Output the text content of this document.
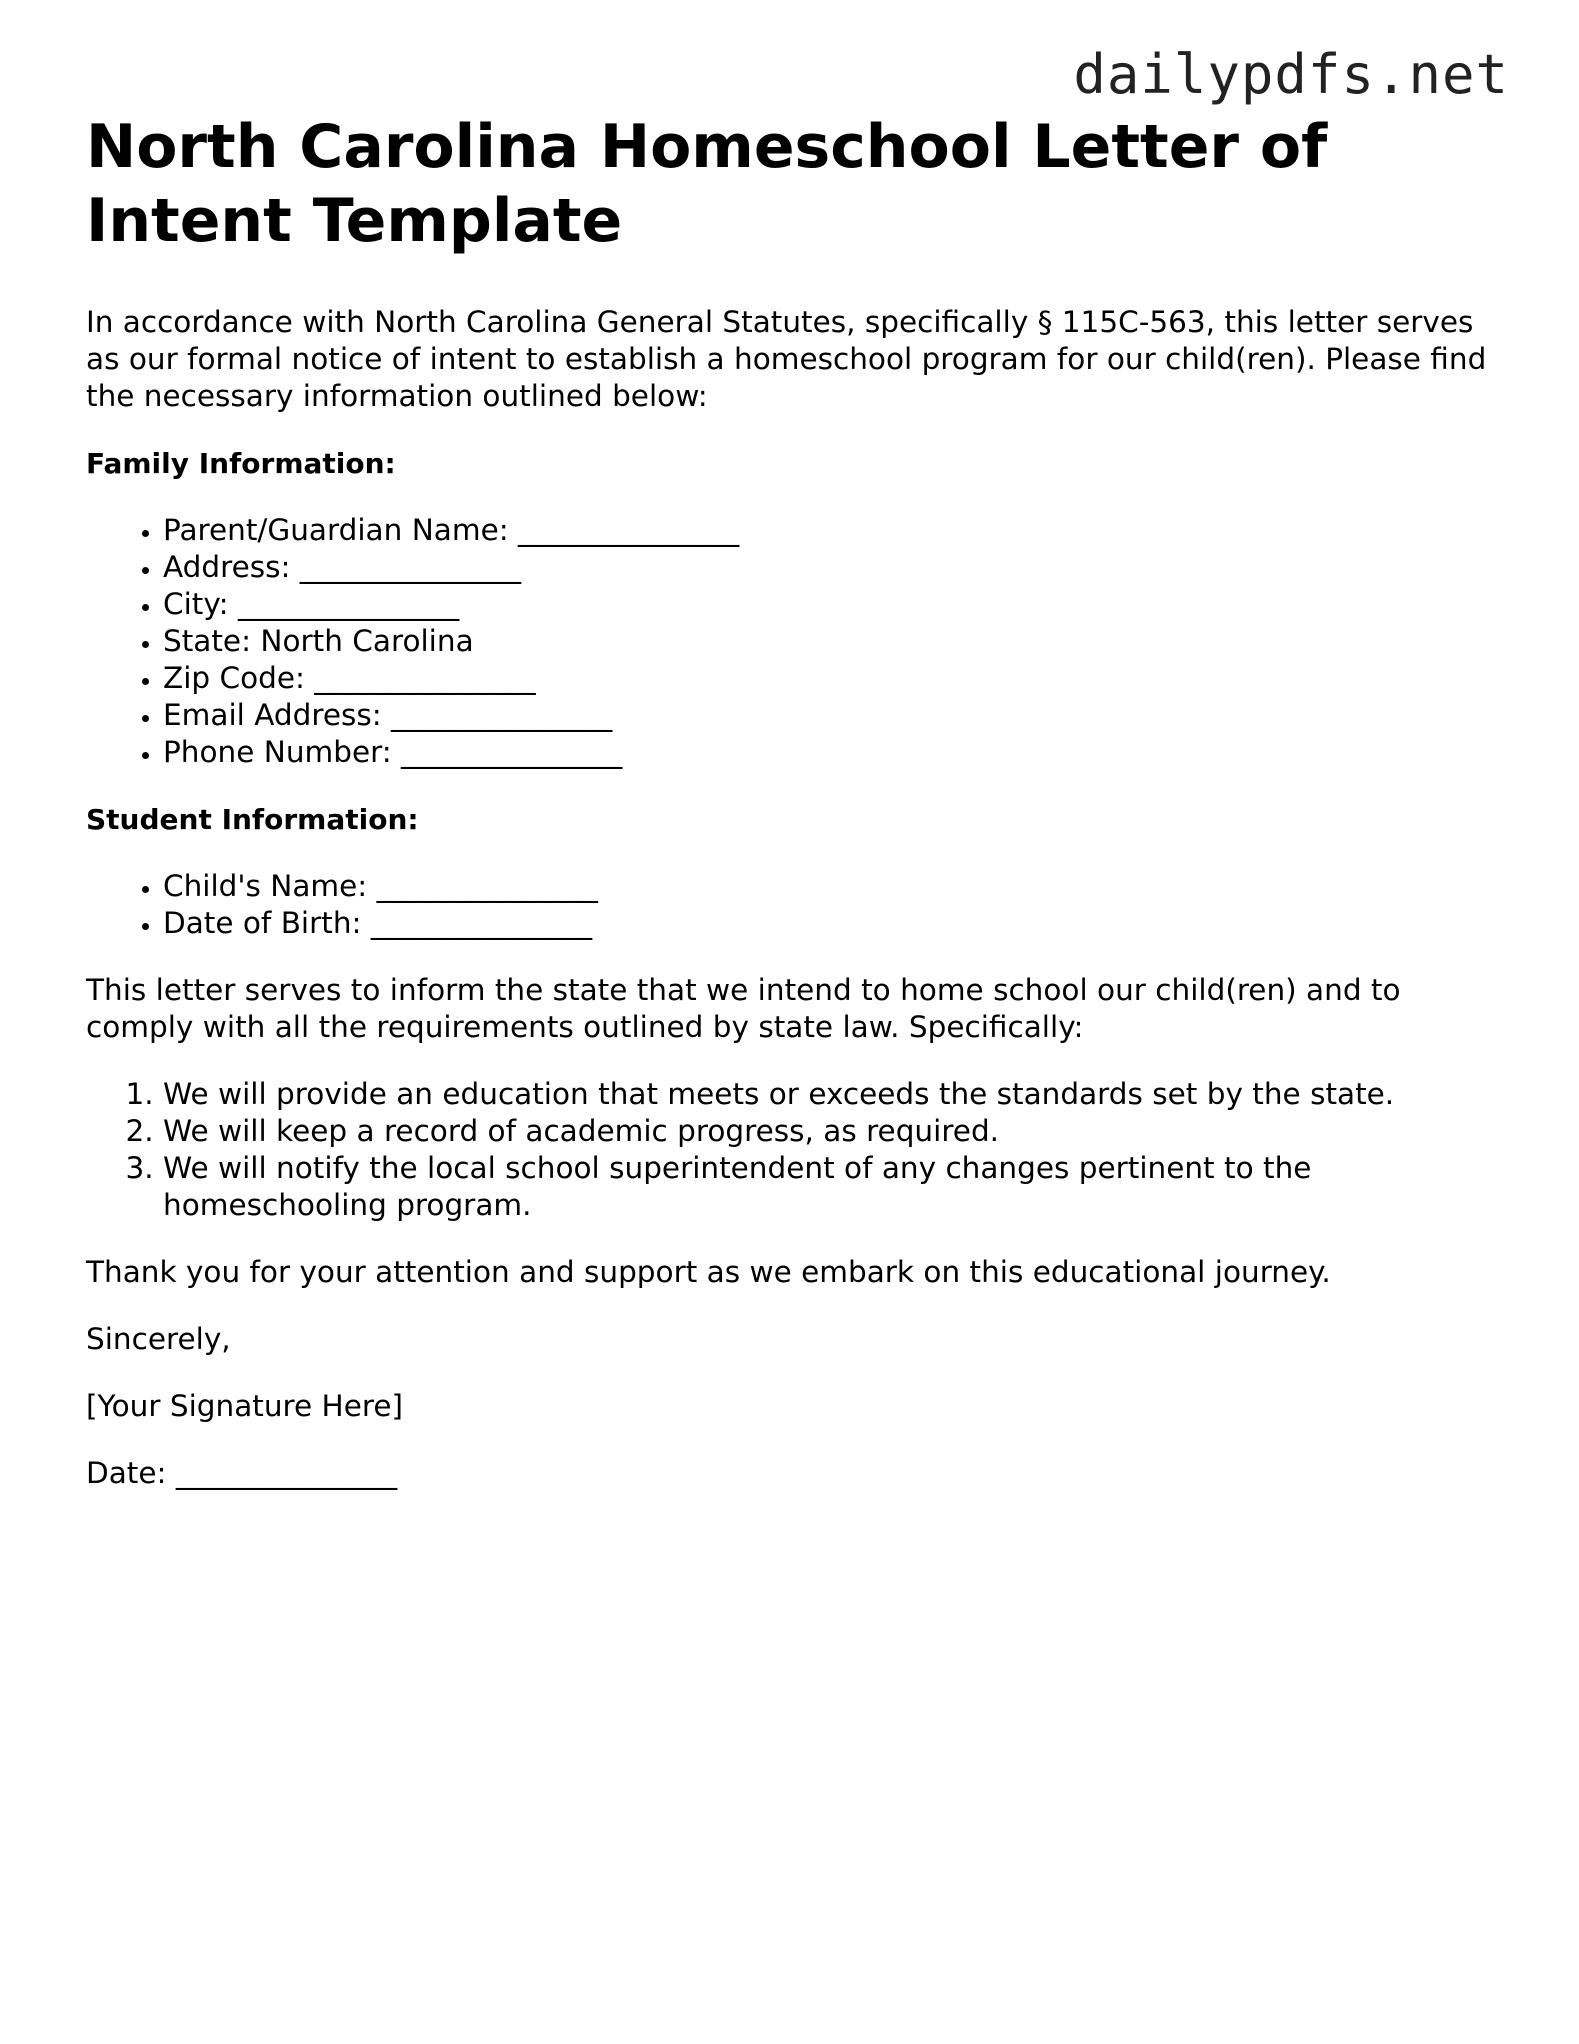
dailypdfs.net
North Carolina Homeschool Letter of Intent Template

In accordance with North Carolina General Statutes, specifically § 115C-563, this letter serves as our formal notice of intent to establish a homeschool program for our child(ren). Please find the necessary information outlined below:

Family Information:

• Parent/Guardian Name: _______________
• Address: _______________
• City: _______________
• State: North Carolina
• Zip Code: _______________
• Email Address: _______________
• Phone Number: _______________

Student Information:

• Child's Name: _______________
• Date of Birth: _______________

This letter serves to inform the state that we intend to home school our child(ren) and to comply with all the requirements outlined by state law. Specifically:

1. We will provide an education that meets or exceeds the standards set by the state.
2. We will keep a record of academic progress, as required.
3. We will notify the local school superintendent of any changes pertinent to the homeschooling program.

Thank you for your attention and support as we embark on this educational journey.

Sincerely,

[Your Signature Here]

Date: _______________
